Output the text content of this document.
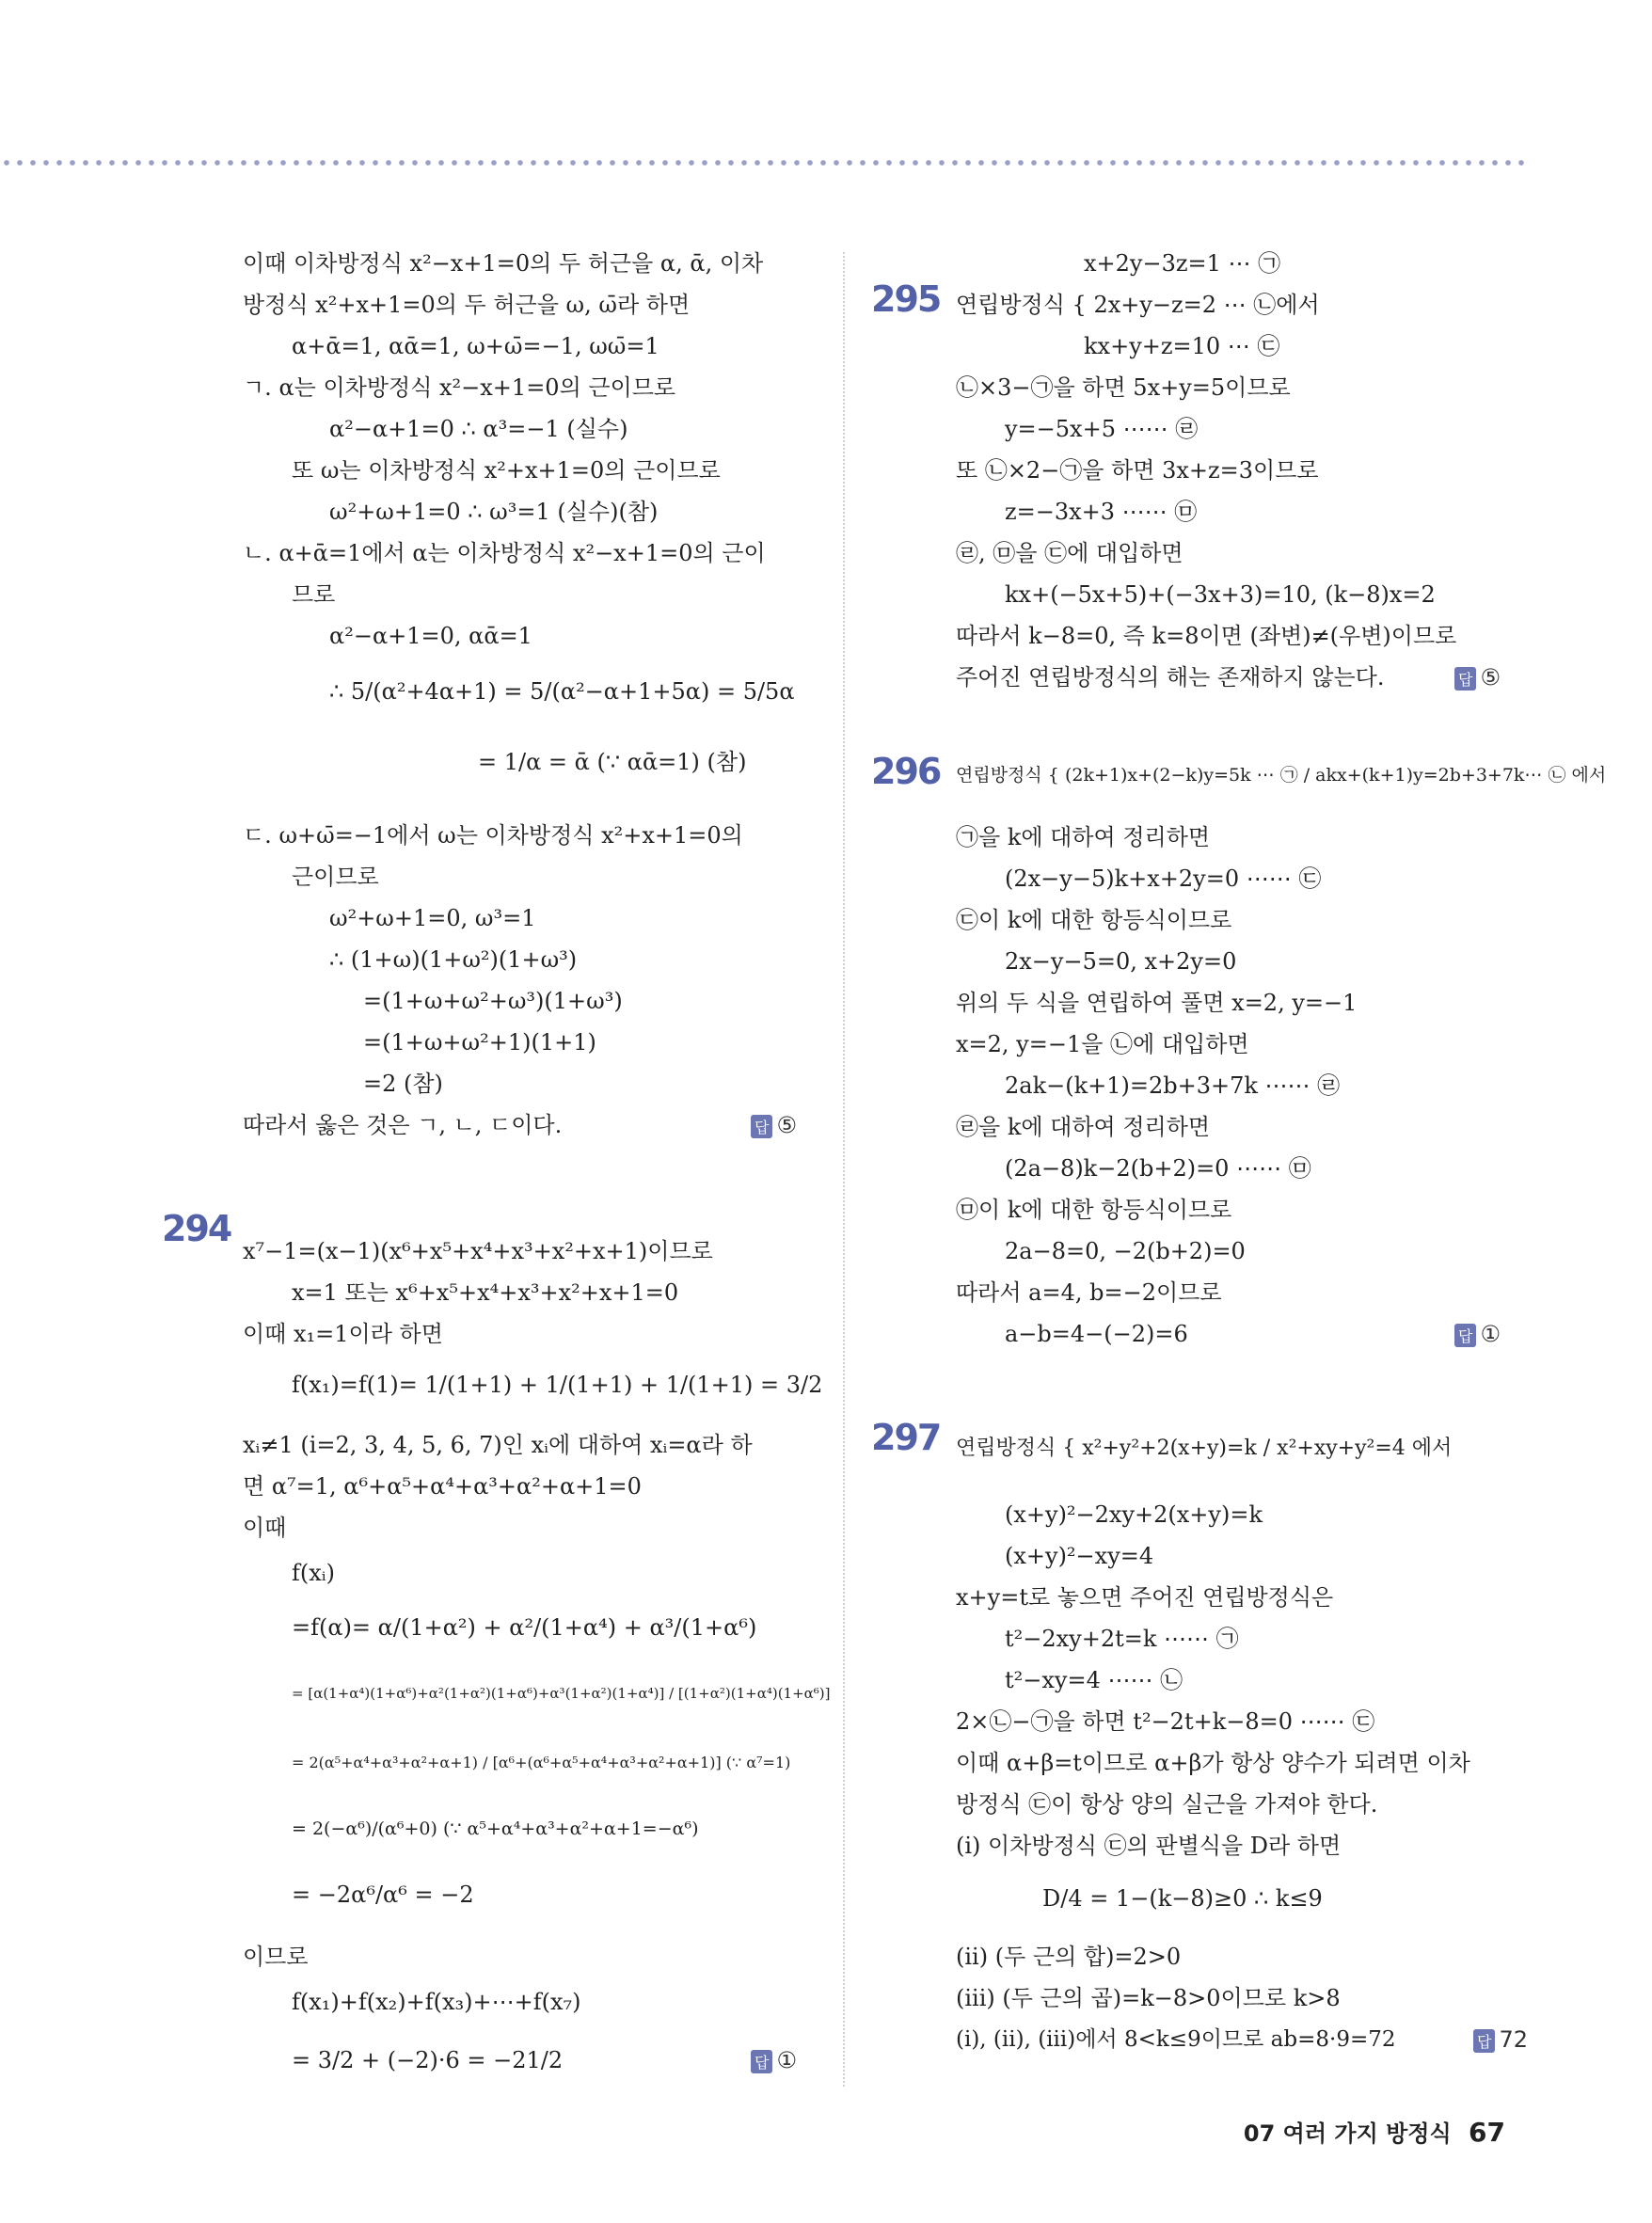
이때 이차방정식 x²−x+1=0의 두 허근을 α, ᾱ, 이차
방정식 x²+x+1=0의 두 허근을 ω, ω̄라 하면
α+ᾱ=1, αᾱ=1, ω+ω̄=−1, ωω̄=1
ㄱ. α는 이차방정식 x²−x+1=0의 근이므로
α²−α+1=0 ∴ α³=−1 (실수)
또 ω는 이차방정식 x²+x+1=0의 근이므로
ω²+ω+1=0 ∴ ω³=1 (실수)(참)
ㄴ. α+ᾱ=1에서 α는 이차방정식 x²−x+1=0의 근이
므로
α²−α+1=0, αᾱ=1
∴ 5/(α²+4α+1) = 5/(α²−α+1+5α) = 5/5α
= 1/α = ᾱ (∵ αᾱ=1) (참)
ㄷ. ω+ω̄=−1에서 ω는 이차방정식 x²+x+1=0의
근이므로
ω²+ω+1=0, ω³=1
∴ (1+ω)(1+ω²)(1+ω³)
=(1+ω+ω²+ω³)(1+ω³)
=(1+ω+ω²+1)(1+1)
=2 (참)
따라서 옳은 것은 ㄱ, ㄴ, ㄷ이다.	답 ⑤
x⁷−1=(x−1)(x⁶+x⁵+x⁴+x³+x²+x+1)이므로
x=1 또는 x⁶+x⁵+x⁴+x³+x²+x+1=0
이때 x₁=1이라 하면
f(x₁)=f(1)= 1/(1+1) + 1/(1+1) + 1/(1+1) = 3/2
xᵢ≠1 (i=2, 3, 4, 5, 6, 7)인 xᵢ에 대하여 xᵢ=α라 하
면 α⁷=1, α⁶+α⁵+α⁴+α³+α²+α+1=0
이때
f(xᵢ)
=f(α)= α/(1+α²) + α²/(1+α⁴) + α³/(1+α⁶)
= [α(1+α⁴)(1+α⁶)+α²(1+α²)(1+α⁶)+α³(1+α²)(1+α⁴)] / [(1+α²)(1+α⁴)(1+α⁶)]
= 2(α⁵+α⁴+α³+α²+α+1) / [α⁶+(α⁶+α⁵+α⁴+α³+α²+α+1)] (∵ α⁷=1)
= 2(−α⁶)/(α⁶+0) (∵ α⁵+α⁴+α³+α²+α+1=−α⁶)
= −2α⁶/α⁶ = −2
이므로
f(x₁)+f(x₂)+f(x₃)+⋯+f(x₇)
= 3/2 + (−2)·6 = −21/2	답 ①
294
295
296
297
x+2y−3z=1 ⋯ ㉠
연립방정식 { 2x+y−z=2 ⋯ ㉡에서
kx+y+z=10 ⋯ ㉢
㉡×3−㉠을 하면 5x+y=5이므로
y=−5x+5 ⋯⋯ ㉣
또 ㉡×2−㉠을 하면 3x+z=3이므로
z=−3x+3 ⋯⋯ ㉤
㉣, ㉤을 ㉢에 대입하면
kx+(−5x+5)+(−3x+3)=10, (k−8)x=2
따라서 k−8=0, 즉 k=8이면 (좌변)≠(우변)이므로
주어진 연립방정식의 해는 존재하지 않는다.	답 ⑤
연립방정식 { (2k+1)x+(2−k)y=5k ⋯ ㉠ / akx+(k+1)y=2b+3+7k⋯ ㉡ 에서
㉠을 k에 대하여 정리하면
(2x−y−5)k+x+2y=0 ⋯⋯ ㉢
㉢이 k에 대한 항등식이므로
2x−y−5=0, x+2y=0
위의 두 식을 연립하여 풀면 x=2, y=−1
x=2, y=−1을 ㉡에 대입하면
2ak−(k+1)=2b+3+7k ⋯⋯ ㉣
㉣을 k에 대하여 정리하면
(2a−8)k−2(b+2)=0 ⋯⋯ ㉤
㉤이 k에 대한 항등식이므로
2a−8=0, −2(b+2)=0
따라서 a=4, b=−2이므로
a−b=4−(−2)=6	답 ①
연립방정식 { x²+y²+2(x+y)=k / x²+xy+y²=4 에서
(x+y)²−2xy+2(x+y)=k
(x+y)²−xy=4
x+y=t로 놓으면 주어진 연립방정식은
t²−2xy+2t=k ⋯⋯ ㉠
t²−xy=4 ⋯⋯ ㉡
2×㉡−㉠을 하면 t²−2t+k−8=0 ⋯⋯ ㉢
이때 α+β=t이므로 α+β가 항상 양수가 되려면 이차
방정식 ㉢이 항상 양의 실근을 가져야 한다.
(i) 이차방정식 ㉢의 판별식을 D라 하면
D/4 = 1−(k−8)≥0 ∴ k≤9
(ii) (두 근의 합)=2>0
(iii) (두 근의 곱)=k−8>0이므로 k>8
(i), (ii), (iii)에서 8<k≤9이므로 ab=8·9=72	답 72
07 여러 가지 방정식 67
